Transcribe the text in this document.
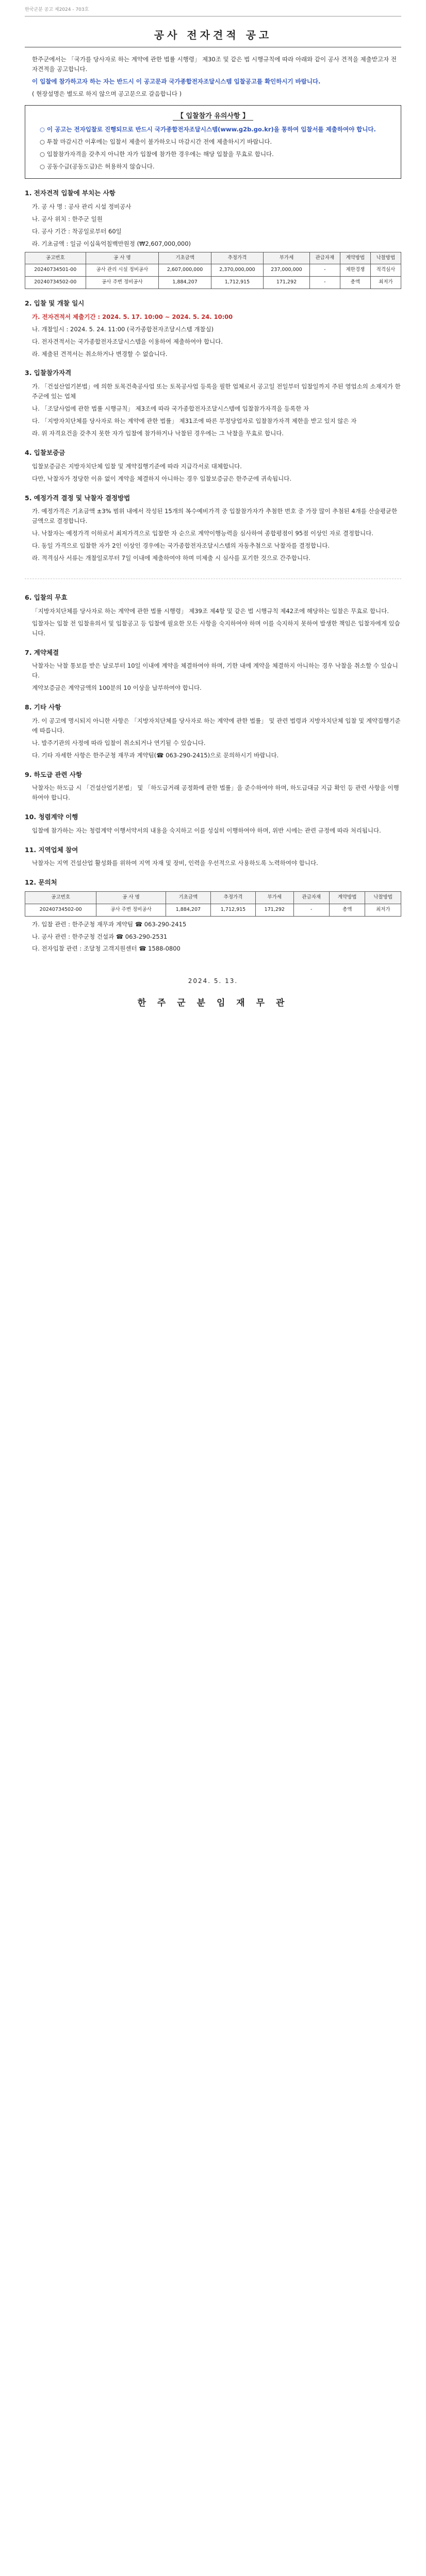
한국군분 공고 제2024 - 703호
공사 전자견적 공고

한주군에서는 「국가를 당사자로 하는 계약에 관한 법률 시행령」 제30조 및 같은 법 시행규칙에 따라 아래와 같이 공사 견적을 제출받고자 전자견적을 공고합니다.

이 입찰에 참가하고자 하는 자는 반드시 이 공고문과 국가종합전자조달시스템 입찰공고를 확인하시기 바랍니다.

( 현장설명은 별도로 하지 않으며 공고문으로 갈음합니다 )

【 입찰참가 유의사항 】

○ 이 공고는 전자입찰로 진행되므로 반드시 국가종합전자조달시스템(www.g2b.go.kr)을 통하여 입찰서를 제출하여야 합니다.

○ 투찰 마감시간 이후에는 입찰서 제출이 불가하오니 마감시간 전에 제출하시기 바랍니다.

○ 입찰참가자격을 갖추지 아니한 자가 입찰에 참가한 경우에는 해당 입찰을 무효로 합니다.

○ 공동수급(공동도급)은 허용하지 않습니다.

1. 전자견적 입찰에 부치는 사항

가. 공 사 명 : 공사 관리 시설 정비공사

나. 공사 위치 : 한주군 일원

다. 공사 기간 : 착공일로부터 60일

라. 기초금액 : 일금 이십육억칠백만원정 (₩2,607,000,000)

공고번호	공 사 명	기초금액	추정가격	부가세	관급자재	계약방법	낙찰방법
20240734501-00	공사 관리 시설 정비공사	2,607,000,000	2,370,000,000	237,000,000	-	제한경쟁	적격심사
20240734502-00	공사 주변 정비공사	1,884,207	1,712,915	171,292	-	총액	최저가
2. 입찰 및 개찰 일시

가. 전자견적서 제출기간 : 2024. 5. 17. 10:00 ~ 2024. 5. 24. 10:00

나. 개찰일시 : 2024. 5. 24. 11:00 (국가종합전자조달시스템 개찰실)

다. 전자견적서는 국가종합전자조달시스템을 이용하여 제출하여야 합니다.

라. 제출된 견적서는 취소하거나 변경할 수 없습니다.

3. 입찰참가자격

가. 「건설산업기본법」에 의한 토목건축공사업 또는 토목공사업 등록을 필한 업체로서 공고일 전일부터 입찰일까지 주된 영업소의 소재지가 한주군에 있는 업체

나. 「조달사업에 관한 법률 시행규칙」 제3조에 따라 국가종합전자조달시스템에 입찰참가자격을 등록한 자

다. 「지방자치단체를 당사자로 하는 계약에 관한 법률」 제31조에 따른 부정당업자로 입찰참가자격 제한을 받고 있지 않은 자

라. 위 자격요건을 갖추지 못한 자가 입찰에 참가하거나 낙찰된 경우에는 그 낙찰을 무효로 합니다.

4. 입찰보증금

입찰보증금은 지방자치단체 입찰 및 계약집행기준에 따라 지급각서로 대체합니다.

다만, 낙찰자가 정당한 이유 없이 계약을 체결하지 아니하는 경우 입찰보증금은 한주군에 귀속됩니다.

5. 예정가격 결정 및 낙찰자 결정방법

가. 예정가격은 기초금액 ±3% 범위 내에서 작성된 15개의 복수예비가격 중 입찰참가자가 추첨한 번호 중 가장 많이 추첨된 4개를 산술평균한 금액으로 결정합니다.

나. 낙찰자는 예정가격 이하로서 최저가격으로 입찰한 자 순으로 계약이행능력을 심사하여 종합평점이 95점 이상인 자로 결정합니다.

다. 동일 가격으로 입찰한 자가 2인 이상인 경우에는 국가종합전자조달시스템의 자동추첨으로 낙찰자를 결정합니다.

라. 적격심사 서류는 개찰일로부터 7일 이내에 제출하여야 하며 미제출 시 심사를 포기한 것으로 간주합니다.

6. 입찰의 무효

「지방자치단체를 당사자로 하는 계약에 관한 법률 시행령」 제39조 제4항 및 같은 법 시행규칙 제42조에 해당하는 입찰은 무효로 합니다.

입찰자는 입찰 전 입찰유의서 및 입찰공고 등 입찰에 필요한 모든 사항을 숙지하여야 하며 이를 숙지하지 못하여 발생한 책임은 입찰자에게 있습니다.

7. 계약체결

낙찰자는 낙찰 통보를 받은 날로부터 10일 이내에 계약을 체결하여야 하며, 기한 내에 계약을 체결하지 아니하는 경우 낙찰을 취소할 수 있습니다.

계약보증금은 계약금액의 100분의 10 이상을 납부하여야 합니다.

8. 기타 사항

가. 이 공고에 명시되지 아니한 사항은 「지방자치단체를 당사자로 하는 계약에 관한 법률」 및 관련 법령과 지방자치단체 입찰 및 계약집행기준에 따릅니다.

나. 발주기관의 사정에 따라 입찰이 취소되거나 연기될 수 있습니다.

다. 기타 자세한 사항은 한주군청 재무과 계약팀(☎ 063-290-2415)으로 문의하시기 바랍니다.

9. 하도급 관련 사항

낙찰자는 하도급 시 「건설산업기본법」 및 「하도급거래 공정화에 관한 법률」을 준수하여야 하며, 하도급대금 지급 확인 등 관련 사항을 이행하여야 합니다.

10. 청렴계약 이행

입찰에 참가하는 자는 청렴계약 이행서약서의 내용을 숙지하고 이를 성실히 이행하여야 하며, 위반 시에는 관련 규정에 따라 처리됩니다.

11. 지역업체 참여

낙찰자는 지역 건설산업 활성화를 위하여 지역 자재 및 장비, 인력을 우선적으로 사용하도록 노력하여야 합니다.

12. 문의처
공고번호	공 사 명	기초금액	추정가격	부가세	관급자재	계약방법	낙찰방법
20240734502-00	공사 주변 정비공사	1,884,207	1,712,915	171,292	-	총액	최저가

가. 입찰 관련 : 한주군청 재무과 계약팀 ☎ 063-290-2415

나. 공사 관련 : 한주군청 건설과 ☎ 063-290-2531

다. 전자입찰 관련 : 조달청 고객지원센터 ☎ 1588-0800

2024. 5. 13.
한 주 군 분 임 재 무 관
